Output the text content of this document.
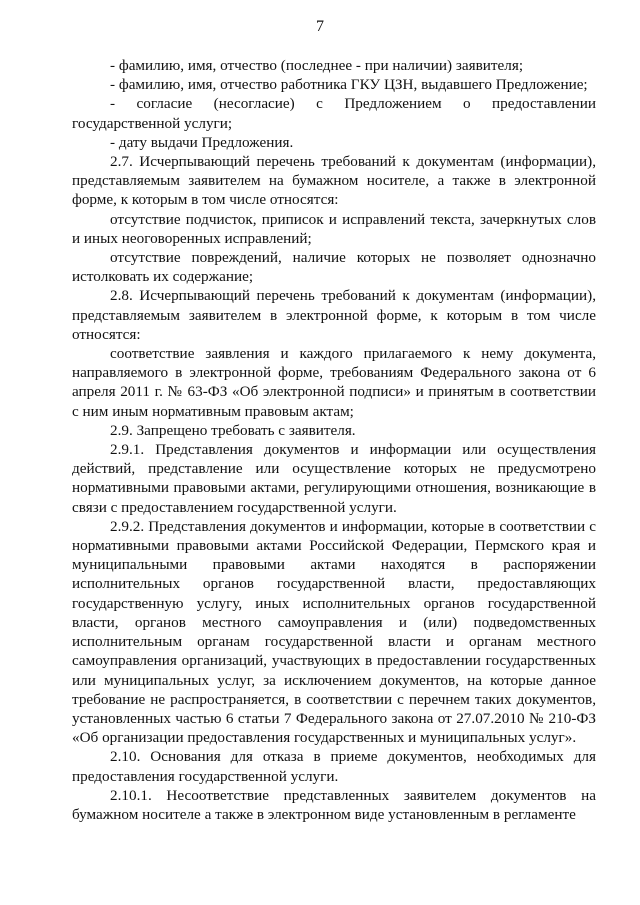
7

- фамилию, имя, отчество (последнее - при наличии) заявителя;

- фамилию, имя, отчество работника ГКУ ЦЗН, выдавшего Предложение;

- согласие (несогласие) с Предложением о предоставлении государственной услуги;

- дату выдачи Предложения.

2.7. Исчерпывающий перечень требований к документам (информации), представляемым заявителем на бумажном носителе, а также в электронной форме, к которым в том числе относятся:

отсутствие подчисток, приписок и исправлений текста, зачеркнутых слов и иных неоговоренных исправлений;

отсутствие повреждений, наличие которых не позволяет однозначно истолковать их содержание;

2.8. Исчерпывающий перечень требований к документам (информации), представляемым заявителем в электронной форме, к которым в том числе относятся:

соответствие заявления и каждого прилагаемого к нему документа, направляемого в электронной форме, требованиям Федерального закона от 6 апреля 2011 г. № 63-ФЗ «Об электронной подписи» и принятым в соответствии с ним иным нормативным правовым актам;

2.9. Запрещено требовать с заявителя.

2.9.1. Представления документов и информации или осуществления действий, представление или осуществление которых не предусмотрено нормативными правовыми актами, регулирующими отношения, возникающие в связи с предоставлением государственной услуги.

2.9.2. Представления документов и информации, которые в соответствии с нормативными правовыми актами Российской Федерации, Пермского края и муниципальными правовыми актами находятся в распоряжении исполнительных органов государственной власти, предоставляющих государственную услугу, иных исполнительных органов государственной власти, органов местного самоуправления и (или) подведомственных исполнительным органам государственной власти и органам местного самоуправления организаций, участвующих в предоставлении государственных или муниципальных услуг, за исключением документов, на которые данное требование не распространяется, в соответствии с перечнем таких документов, установленных частью 6 статьи 7 Федерального закона от 27.07.2010 № 210-ФЗ «Об организации предоставления государственных и муниципальных услуг».

2.10. Основания для отказа в приеме документов, необходимых для предоставления государственной услуги.

2.10.1. Несоответствие представленных заявителем документов на бумажном носителе а также в электронном виде установленным в регламенте
